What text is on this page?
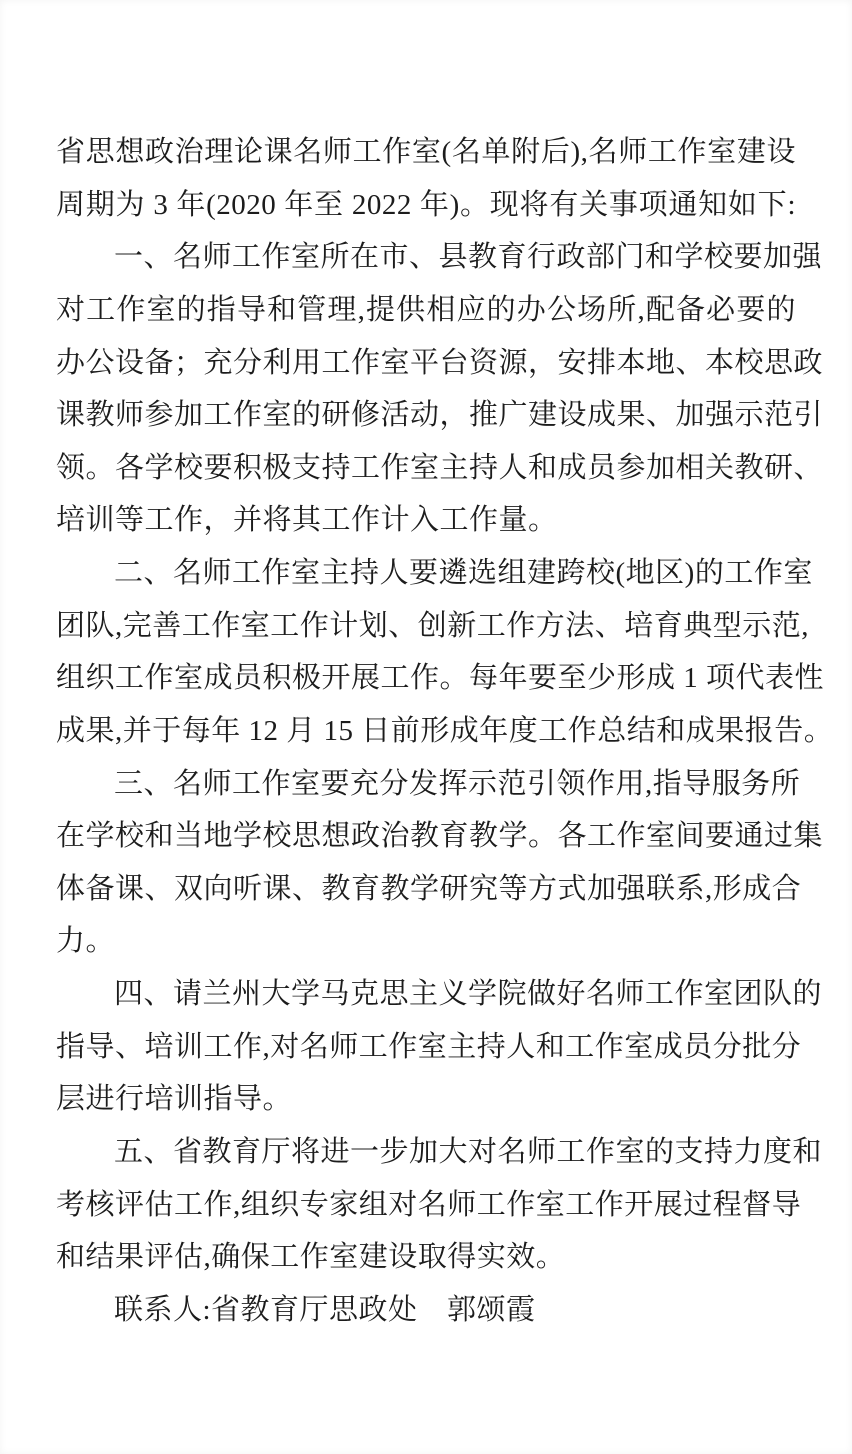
省思想政治理论课名师工作室(名单附后),名师工作室建设
周期为 3 年(2020 年至 2022 年)。现将有关事项通知如下:
一、名师工作室所在市、县教育行政部门和学校要加强
对工作室的指导和管理,提供相应的办公场所,配备必要的
办公设备；充分利用工作室平台资源，安排本地、本校思政
课教师参加工作室的研修活动，推广建设成果、加强示范引
领。各学校要积极支持工作室主持人和成员参加相关教研、
培训等工作，并将其工作计入工作量。
二、名师工作室主持人要遴选组建跨校(地区)的工作室
团队,完善工作室工作计划、创新工作方法、培育典型示范,
组织工作室成员积极开展工作。每年要至少形成 1 项代表性
成果,并于每年 12 月 15 日前形成年度工作总结和成果报告。
三、名师工作室要充分发挥示范引领作用,指导服务所
在学校和当地学校思想政治教育教学。各工作室间要通过集
体备课、双向听课、教育教学研究等方式加强联系,形成合
力。
四、请兰州大学马克思主义学院做好名师工作室团队的
指导、培训工作,对名师工作室主持人和工作室成员分批分
层进行培训指导。
五、省教育厅将进一步加大对名师工作室的支持力度和
考核评估工作,组织专家组对名师工作室工作开展过程督导
和结果评估,确保工作室建设取得实效。
联系人:省教育厅思政处　郭颂霞
